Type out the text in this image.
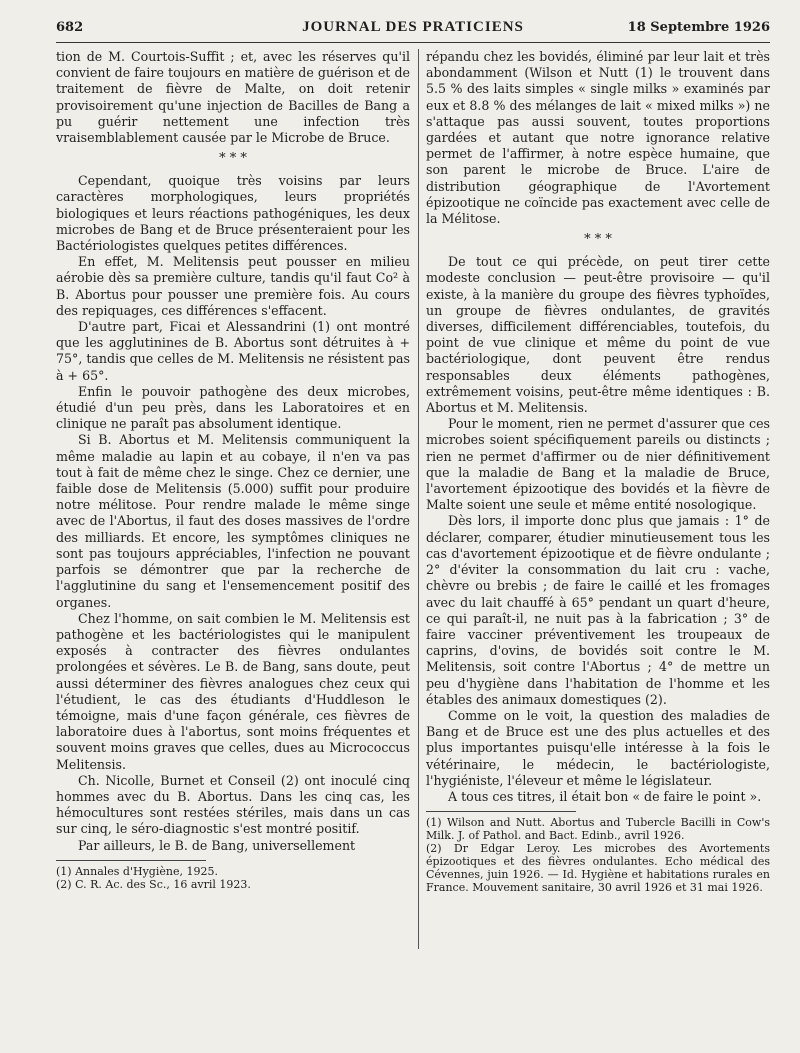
682	JOURNAL DES PRATICIENS	18 Septembre 1926

tion de M. Courtois-Suffit ; et, avec les réserves qu'il convient de faire toujours en matière de guérison et de traitement de fièvre de Malte, on doit retenir provisoirement qu'une injection de Bacilles de Bang a pu guérir nettement une infection très vraisemblablement causée par le Microbe de Bruce.

* * *

Cependant, quoique très voisins par leurs caractères morphologiques, leurs propriétés biologiques et leurs réactions pathogéniques, les deux microbes de Bang et de Bruce présenteraient pour les Bactériologistes quelques petites différences.

En effet, M. Melitensis peut pousser en milieu aérobie dès sa première culture, tandis qu'il faut Co² à B. Abortus pour pousser une première fois. Au cours des repiquages, ces différences s'effacent.

D'autre part, Ficai et Alessandrini (1) ont montré que les agglutinines de B. Abortus sont détruites à + 75°, tandis que celles de M. Melitensis ne résistent pas à + 65°.

Enfin le pouvoir pathogène des deux microbes, étudié d'un peu près, dans les Laboratoires et en clinique ne paraît pas absolument identique.

Si B. Abortus et M. Melitensis communiquent la même maladie au lapin et au cobaye, il n'en va pas tout à fait de même chez le singe. Chez ce dernier, une faible dose de Melitensis (5.000) suffit pour produire notre mélitose. Pour rendre malade le même singe avec de l'Abortus, il faut des doses massives de l'ordre des milliards. Et encore, les symptômes cliniques ne sont pas toujours appréciables, l'infection ne pouvant parfois se démontrer que par la recherche de l'agglutinine du sang et l'ensemencement positif des organes.

Chez l'homme, on sait combien le M. Melitensis est pathogène et les bactériologistes qui le manipulent exposés à contracter des fièvres ondulantes prolongées et sévères. Le B. de Bang, sans doute, peut aussi déterminer des fièvres analogues chez ceux qui l'étudient, le cas des étudiants d'Huddleson le témoigne, mais d'une façon générale, ces fièvres de laboratoire dues à l'abortus, sont moins fréquentes et souvent moins graves que celles, dues au Micrococcus Melitensis.

Ch. Nicolle, Burnet et Conseil (2) ont inoculé cinq hommes avec du B. Abortus. Dans les cinq cas, les hémocultures sont restées stériles, mais dans un cas sur cinq, le séro-diagnostic s'est montré positif.

Par ailleurs, le B. de Bang, universellement

(1) Annales d'Hygiène, 1925.

(2) C. R. Ac. des Sc., 16 avril 1923.

répandu chez les bovidés, éliminé par leur lait et très abondamment (Wilson et Nutt (1) le trouvent dans 5.5 % des laits simples « single milks » examinés par eux et 8.8 % des mélanges de lait « mixed milks ») ne s'attaque pas aussi souvent, toutes proportions gardées et autant que notre ignorance relative permet de l'affirmer, à notre espèce humaine, que son parent le microbe de Bruce. L'aire de distribution géographique de l'Avortement épizootique ne coïncide pas exactement avec celle de la Mélitose.

* * *

De tout ce qui précède, on peut tirer cette modeste conclusion — peut-être provisoire — qu'il existe, à la manière du groupe des fièvres typhoïdes, un groupe de fièvres ondulantes, de gravités diverses, difficilement différenciables, toutefois, du point de vue clinique et même du point de vue bactériologique, dont peuvent être rendus responsables deux éléments pathogènes, extrêmement voisins, peut-être même identiques : B. Abortus et M. Melitensis.

Pour le moment, rien ne permet d'assurer que ces microbes soient spécifiquement pareils ou distincts ; rien ne permet d'affirmer ou de nier définitivement que la maladie de Bang et la maladie de Bruce, l'avortement épizootique des bovidés et la fièvre de Malte soient une seule et même entité nosologique.

Dès lors, il importe donc plus que jamais : 1° de déclarer, comparer, étudier minutieusement tous les cas d'avortement épizootique et de fièvre ondulante ; 2° d'éviter la consommation du lait cru : vache, chèvre ou brebis ; de faire le caillé et les fromages avec du lait chauffé à 65° pendant un quart d'heure, ce qui paraît-il, ne nuit pas à la fabrication ; 3° de faire vacciner préventivement les troupeaux de caprins, d'ovins, de bovidés soit contre le M. Melitensis, soit contre l'Abortus ; 4° de mettre un peu d'hygiène dans l'habitation de l'homme et les étables des animaux domestiques (2).

Comme on le voit, la question des maladies de Bang et de Bruce est une des plus actuelles et des plus importantes puisqu'elle intéresse à la fois le vétérinaire, le médecin, le bactériologiste, l'hygiéniste, l'éleveur et même le législateur.

A tous ces titres, il était bon « de faire le point ».

(1) Wilson and Nutt. Abortus and Tubercle Bacilli in Cow's Milk. J. of Pathol. and Bact. Edinb., avril 1926.

(2) Dr Edgar Leroy. Les microbes des Avortements épizootiques et des fièvres ondulantes. Echo médical des Cévennes, juin 1926. — Id. Hygiène et habitations rurales en France. Mouvement sanitaire, 30 avril 1926 et 31 mai 1926.
